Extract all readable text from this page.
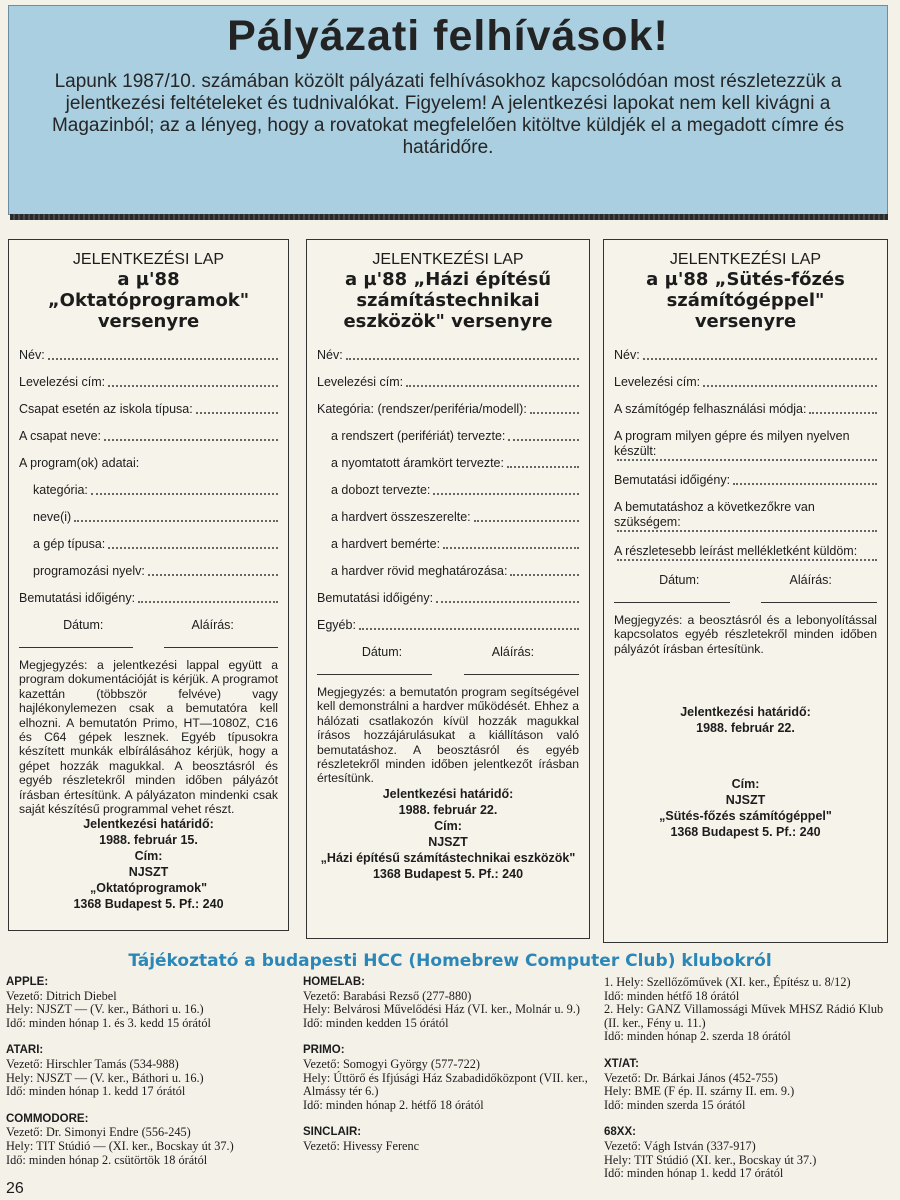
Pályázati felhívások!

Lapunk 1987/10. számában közölt pályázati felhívásokhoz kapcsolódóan most részletezzük a jelentkezési feltételeket és tudnivalókat. Figyelem! A jelentkezési lapokat nem kell kivágni a Magazinból; az a lényeg, hogy a rovatokat megfelelően kitöltve küldjék el a megadott címre és határidőre.

JELENTKEZÉSI LAP
a µ'88 „Oktatóprogramok" versenyre
Név:
Levelezési cím:
Csapat esetén az iskola típusa:
A csapat neve:
A program(ok) adatai:
kategória:
neve(i)
a gép típusa:
programozási nyelv:
Bemutatási időigény:
Dátum:	Aláírás:
Megjegyzés: a jelentkezési lappal együtt a program dokumentációját is kérjük. A programot kazettán (többször felvéve) vagy hajlékonylemezen csak a bemutatóra kell elhozni. A bemutatón Primo, HT—1080Z, C16 és C64 gépek lesznek. Egyéb típusokra készített munkák elbírálásához kérjük, hogy a gépet hozzák magukkal. A beosztásról és egyéb részletekről minden időben pályázót írásban értesítünk. A pályázaton mindenki csak saját készítésű programmal vehet részt.
Jelentkezési határidő:
1988. február 15.
Cím:
NJSZT
„Oktatóprogramok"
1368 Budapest 5. Pf.: 240
JELENTKEZÉSI LAP
a µ'88 „Házi építésű számítástechnikai eszközök" versenyre
Név:
Levelezési cím:
Kategória: (rendszer/periféria/modell):
a rendszert (perifériát) tervezte:
a nyomtatott áramkört tervezte:
a dobozt tervezte:
a hardvert összeszerelte:
a hardvert bemérte:
a hardver rövid meghatározása:
Bemutatási időigény:
Egyéb:
Dátum:	Aláírás:
Megjegyzés: a bemutatón program segítségével kell demonstrálni a hardver működését. Ehhez a hálózati csatlakozón kívül hozzák magukkal írásos hozzájárulásukat a kiállításon való bemutatáshoz. A beosztásról és egyéb részletekről minden időben jelentkezőt írásban értesítünk.
Jelentkezési határidő:
1988. február 22.
Cím:
NJSZT
„Házi építésű számítástechnikai eszközök"
1368 Budapest 5. Pf.: 240
JELENTKEZÉSI LAP
a µ'88 „Sütés-főzés számítógéppel" versenyre
Név:
Levelezési cím:
A számítógép felhasználási módja:
A program milyen gépre és milyen nyelven készült:
Bemutatási időigény:
A bemutatáshoz a következőkre van szükségem:
A részletesebb leírást mellékletként küldöm:
Dátum:	Aláírás:
Megjegyzés: a beosztásról és a lebonyolítással kapcsolatos egyéb részletekről minden időben pályázót írásban értesítünk.
Jelentkezési határidő:
1988. február 22.
Cím:
NJSZT
„Sütés-főzés számítógéppel"
1368 Budapest 5. Pf.: 240
Tájékoztató a budapesti HCC (Homebrew Computer Club) klubokról
APPLE:
Vezető: Ditrich Diebel
Hely: NJSZT — (V. ker., Báthori u. 16.)
Idő: minden hónap 1. és 3. kedd 15 órától
ATARI:
Vezető: Hirschler Tamás (534-988)
Hely: NJSZT — (V. ker., Báthori u. 16.)
Idő: minden hónap 1. kedd 17 órától
COMMODORE:
Vezető: Dr. Simonyi Endre (556-245)
Hely: TIT Stúdió — (XI. ker., Bocskay út 37.)
Idő: minden hónap 2. csütörtök 18 órától
HOMELAB:
Vezető: Barabási Rezső (277-880)
Hely: Belvárosi Művelődési Ház (VI. ker., Molnár u. 9.)
Idő: minden kedden 15 órától
PRIMO:
Vezető: Somogyi György (577-722)
Hely: Úttörő és Ifjúsági Ház Szabadidőközpont (VII. ker., Almássy tér 6.)
Idő: minden hónap 2. hétfő 18 órától
SINCLAIR:
Vezető: Hivessy Ferenc
1. Hely: Szellőzőművek (XI. ker., Építész u. 8/12)
Idő: minden hétfő 18 órától
2. Hely: GANZ Villamossági Művek MHSZ Rádió Klub (II. ker., Fény u. 11.)
Idő: minden hónap 2. szerda 18 órától
XT/AT:
Vezető: Dr. Bárkai János (452-755)
Hely: BME (F ép. II. szárny II. em. 9.)
Idő: minden szerda 15 órától
68XX:
Vezető: Vágh István (337-917)
Hely: TIT Stúdió (XI. ker., Bocskay út 37.)
Idő: minden hónap 1. kedd 17 órától
26
